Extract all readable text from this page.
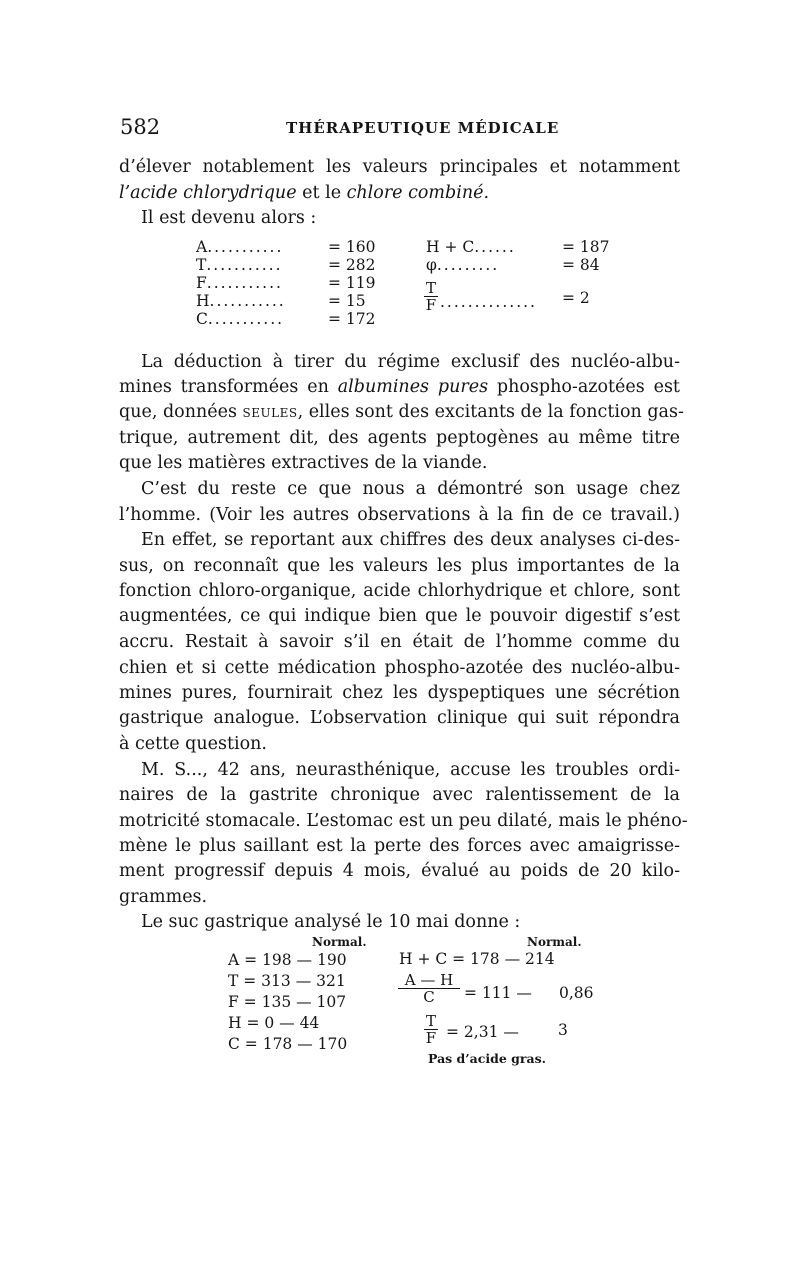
582	THÉRAPEUTIQUE MÉDICALE
d’élever notablement les valeurs principales et notamment
l’acide chlorydrique et le chlore combiné.
Il est devenu alors :
A...........	= 160
T...........	= 282
F...........	= 119
H...........	= 15
C...........	= 172
H + C......	= 187
φ.........	= 84
$\frac{T}{F}$ .............. = 2
La déduction à tirer du régime exclusif des nucléo-albu-
mines transformées en albumines pures phospho-azotées est
que, données seules, elles sont des excitants de la fonction gas-
trique, autrement dit, des agents peptogènes au même titre
que les matières extractives de la viande.
C’est du reste ce que nous a démontré son usage chez
l’homme. (Voir les autres observations à la fin de ce travail.)
En effet, se reportant aux chiffres des deux analyses ci-des-
sus, on reconnaît que les valeurs les plus importantes de la
fonction chloro-organique, acide chlorhydrique et chlore, sont
augmentées, ce qui indique bien que le pouvoir digestif s’est
accru. Restait à savoir s’il en était de l’homme comme du
chien et si cette médication phospho-azotée des nucléo-albu-
mines pures, fournirait chez les dyspeptiques une sécrétion
gastrique analogue. L’observation clinique qui suit répondra
à cette question.
M. S..., 42 ans, neurasthénique, accuse les troubles ordi-
naires de la gastrite chronique avec ralentissement de la
motricité stomacale. L’estomac est un peu dilaté, mais le phéno-
mène le plus saillant est la perte des forces avec amaigrisse-
ment progressif depuis 4 mois, évalué au poids de 20 kilo-
grammes.
Le suc gastrique analysé le 10 mai donne :
Normal.	Normal.
A = 198 — 190
T = 313 — 321
F = 135 — 107
H = 0 — 44
C = 178 — 170
H + C = 178 — 214
$\frac{A — H}{C} = 111$ — 0,86
$\frac{T}{F} = 2,31$ —	3
Pas d’acide gras.
